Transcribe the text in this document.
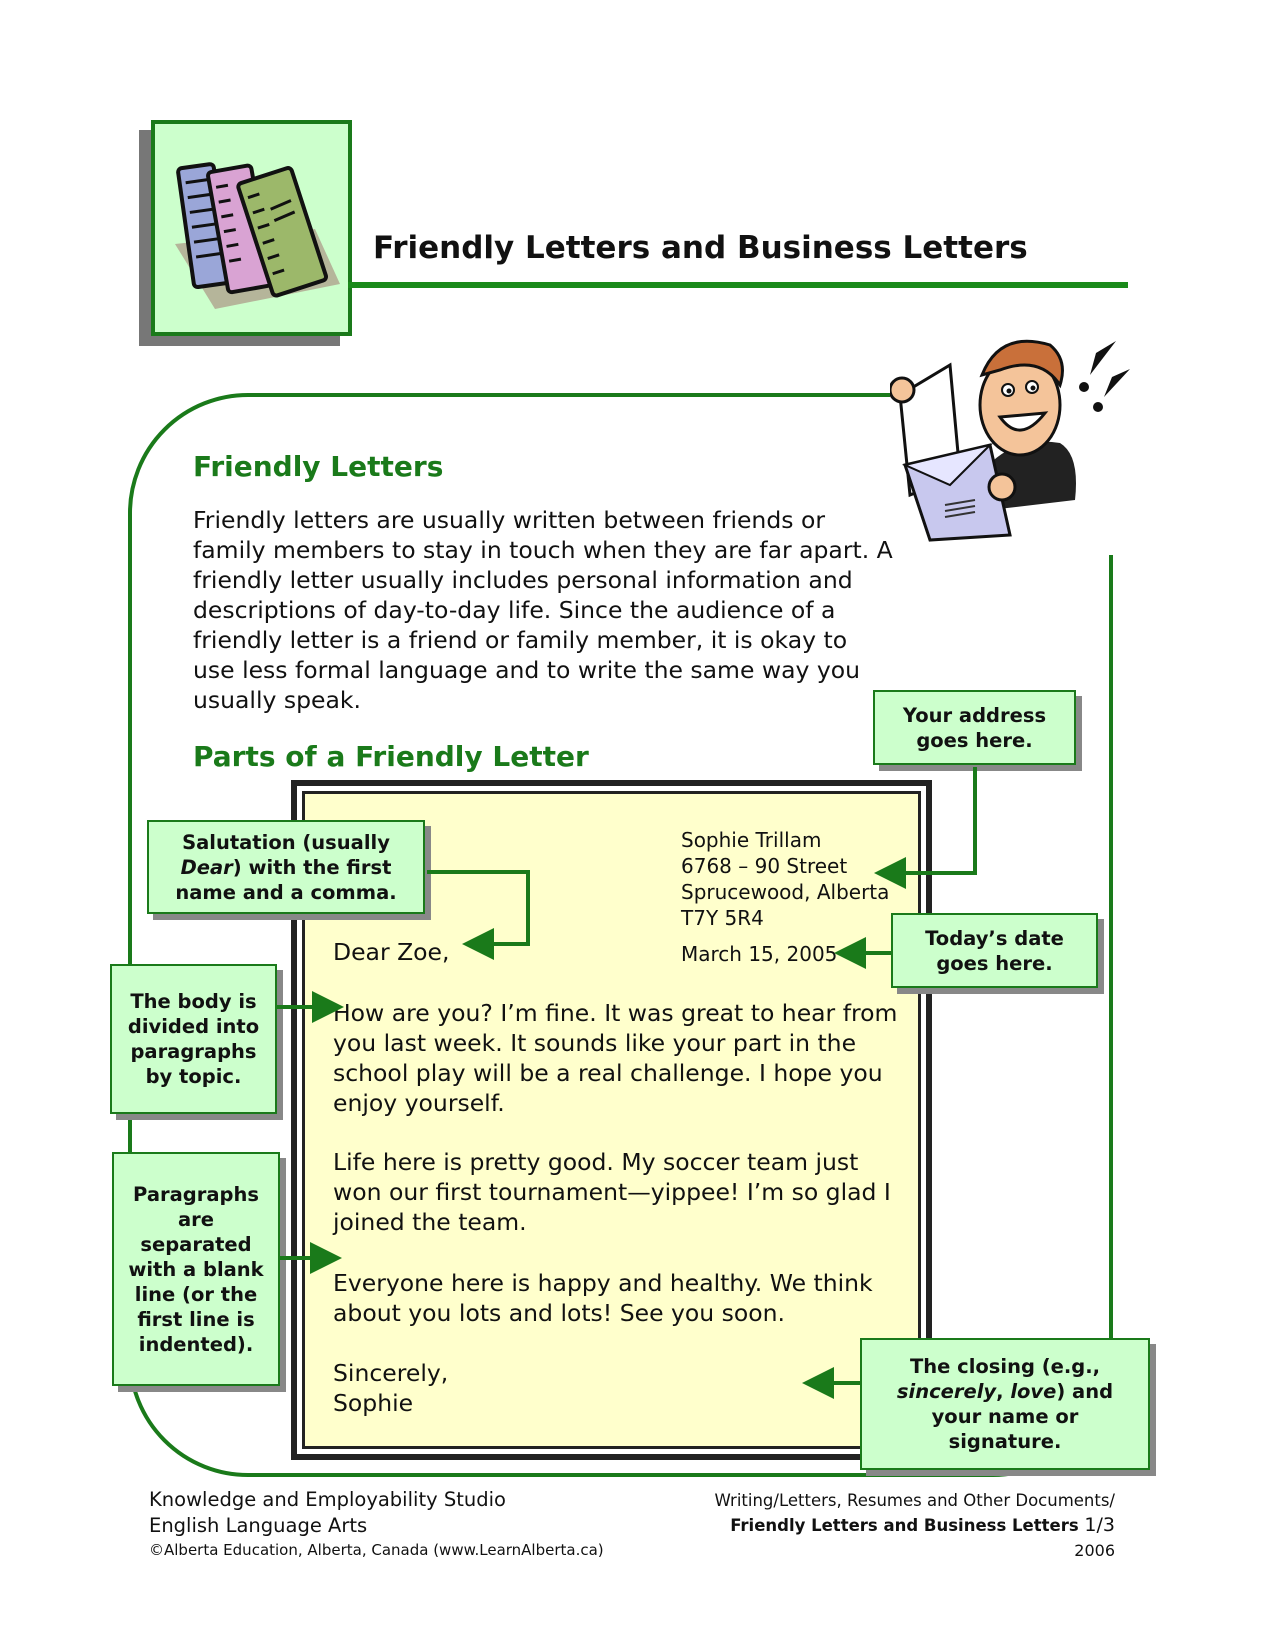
Friendly Letters and Business Letters
Friendly Letters

Friendly letters are usually written between friends or family members to stay in touch when they are far apart. A friendly letter usually includes personal information and descriptions of day-to-day life. Since the audience of a friendly letter is a friend or family member, it is okay to use less formal language and to write the same way you usually speak.

Parts of a Friendly Letter
Sophie Trillam
6768 – 90 Street
Sprucewood, Alberta
T7Y 5R4
March 15, 2005
Dear Zoe,

How are you? I’m fine. It was great to hear from you last week. It sounds like your part in the school play will be a real challenge. I hope you enjoy yourself.

Life here is pretty good. My soccer team just won our first tournament—yippee! I’m so glad I joined the team.

Everyone here is happy and healthy. We think about you lots and lots! See you soon.

Sincerely,
Sophie
Your address goes here.
Salutation (usually Dear) with the first name and a comma.
Today’s date goes here.
The body is divided into paragraphs by topic.
Paragraphs are separated with a blank line (or the first line is indented).
The closing (e.g., sincerely, love) and your name or signature.
Knowledge and Employability Studio
English Language Arts
©Alberta Education, Alberta, Canada (www.LearnAlberta.ca)
Writing/Letters, Resumes and Other Documents/
Friendly Letters and Business Letters 1/3
2006
